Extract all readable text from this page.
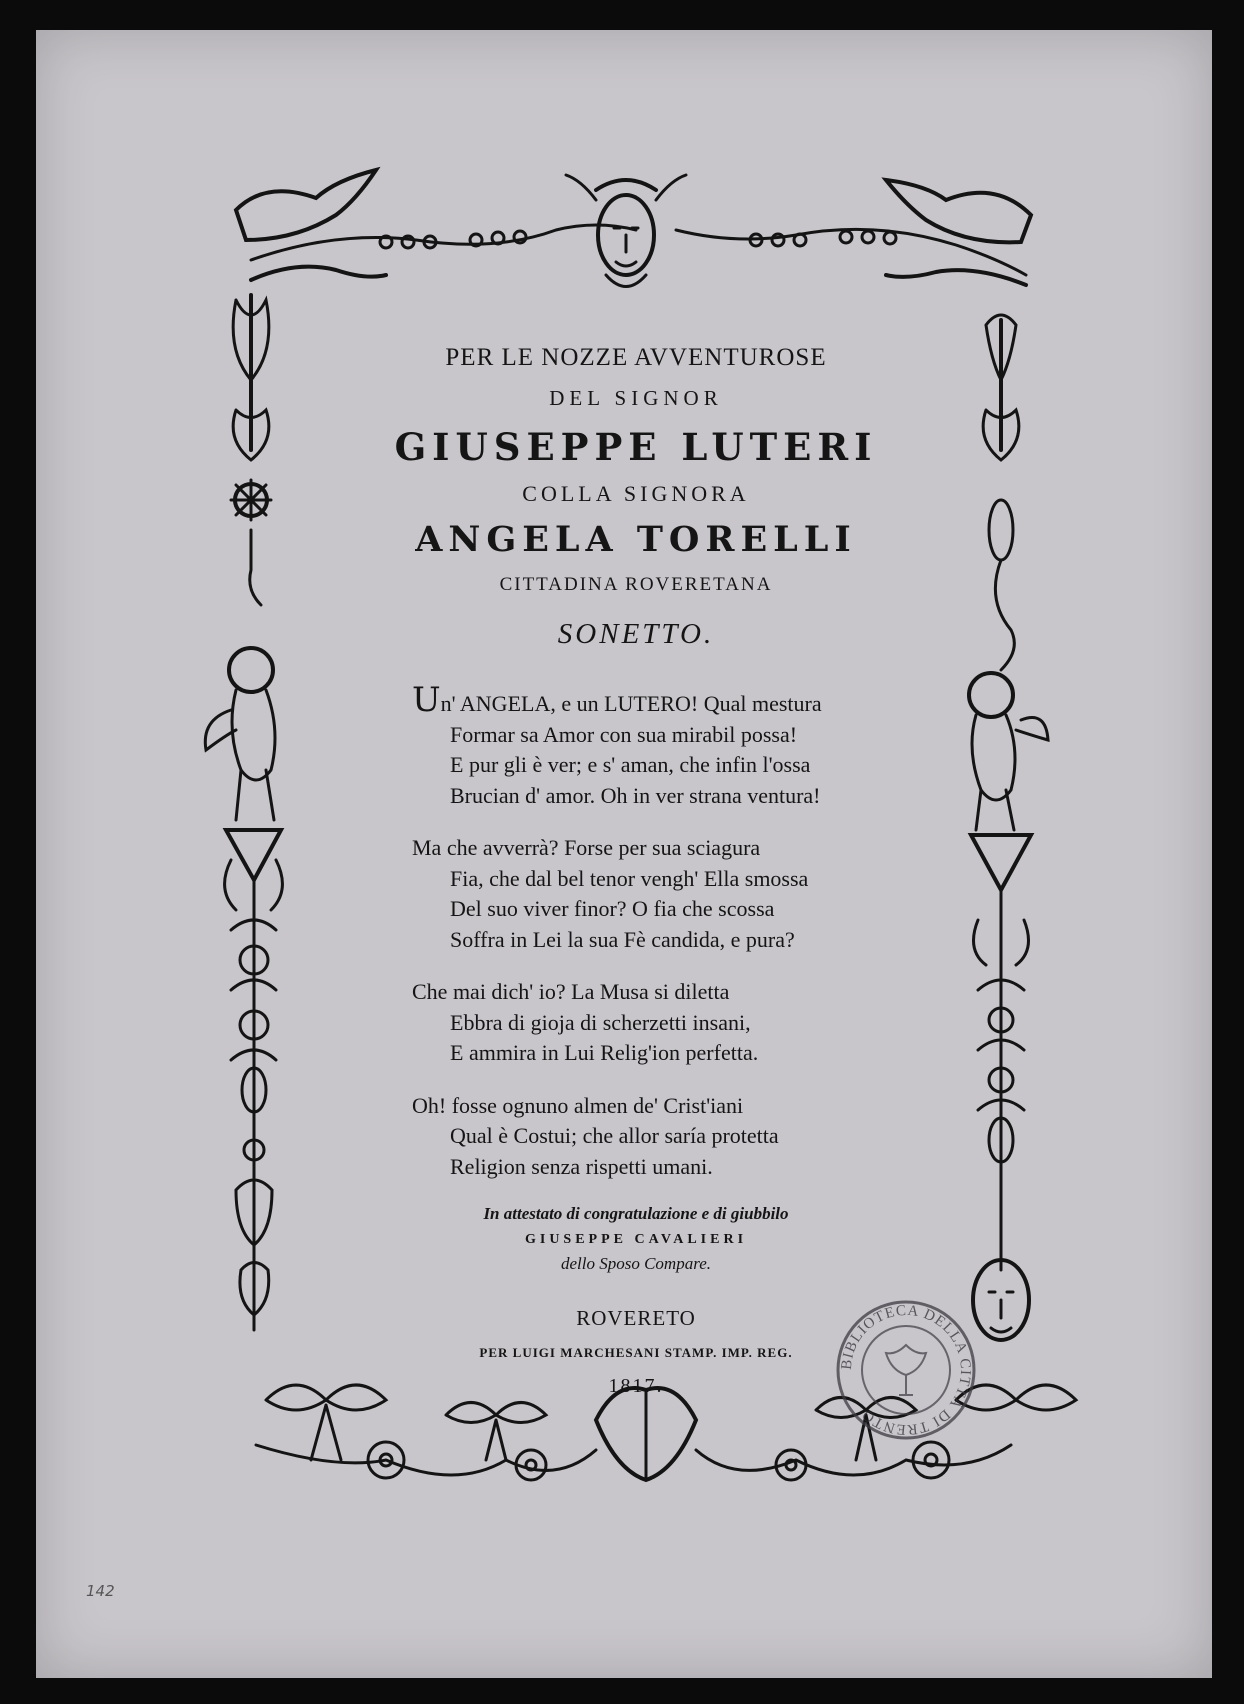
PER LE NOZZE AVVENTUROSE
DEL SIGNOR
GIUSEPPE LUTERI
COLLA SIGNORA
ANGELA TORELLI
CITTADINA ROVERETANA
SONETTO.
Un' ANGELA, e un LUTERO! Qual mestura
Formar sa Amor con sua mirabil possa!
E pur gli è ver; e s' aman, che infin l'ossa
Brucian d' amor. Oh in ver strana ventura!
Ma che avverrà? Forse per sua sciagura
Fia, che dal bel tenor vengh' Ella smossa
Del suo viver finor? O fia che scossa
Soffra in Lei la sua Fè candida, e pura?
Che mai dich' io? La Musa si diletta
Ebbra di gioja di scherzetti insani,
E ammira in Lui Relig'ion perfetta.
Oh! fosse ognuno almen de' Crist'iani
Qual è Costui; che allor saría protetta
Religion senza rispetti umani.
In attestato di congratulazione e di giubbilo
GIUSEPPE CAVALIERI
dello Sposo Compare.
ROVERETO
PER LUIGI MARCHESANI STAMP. IMP. REG.
1817.
BIBLIOTECA DELLA CITTÀ DI TRENTO
142
